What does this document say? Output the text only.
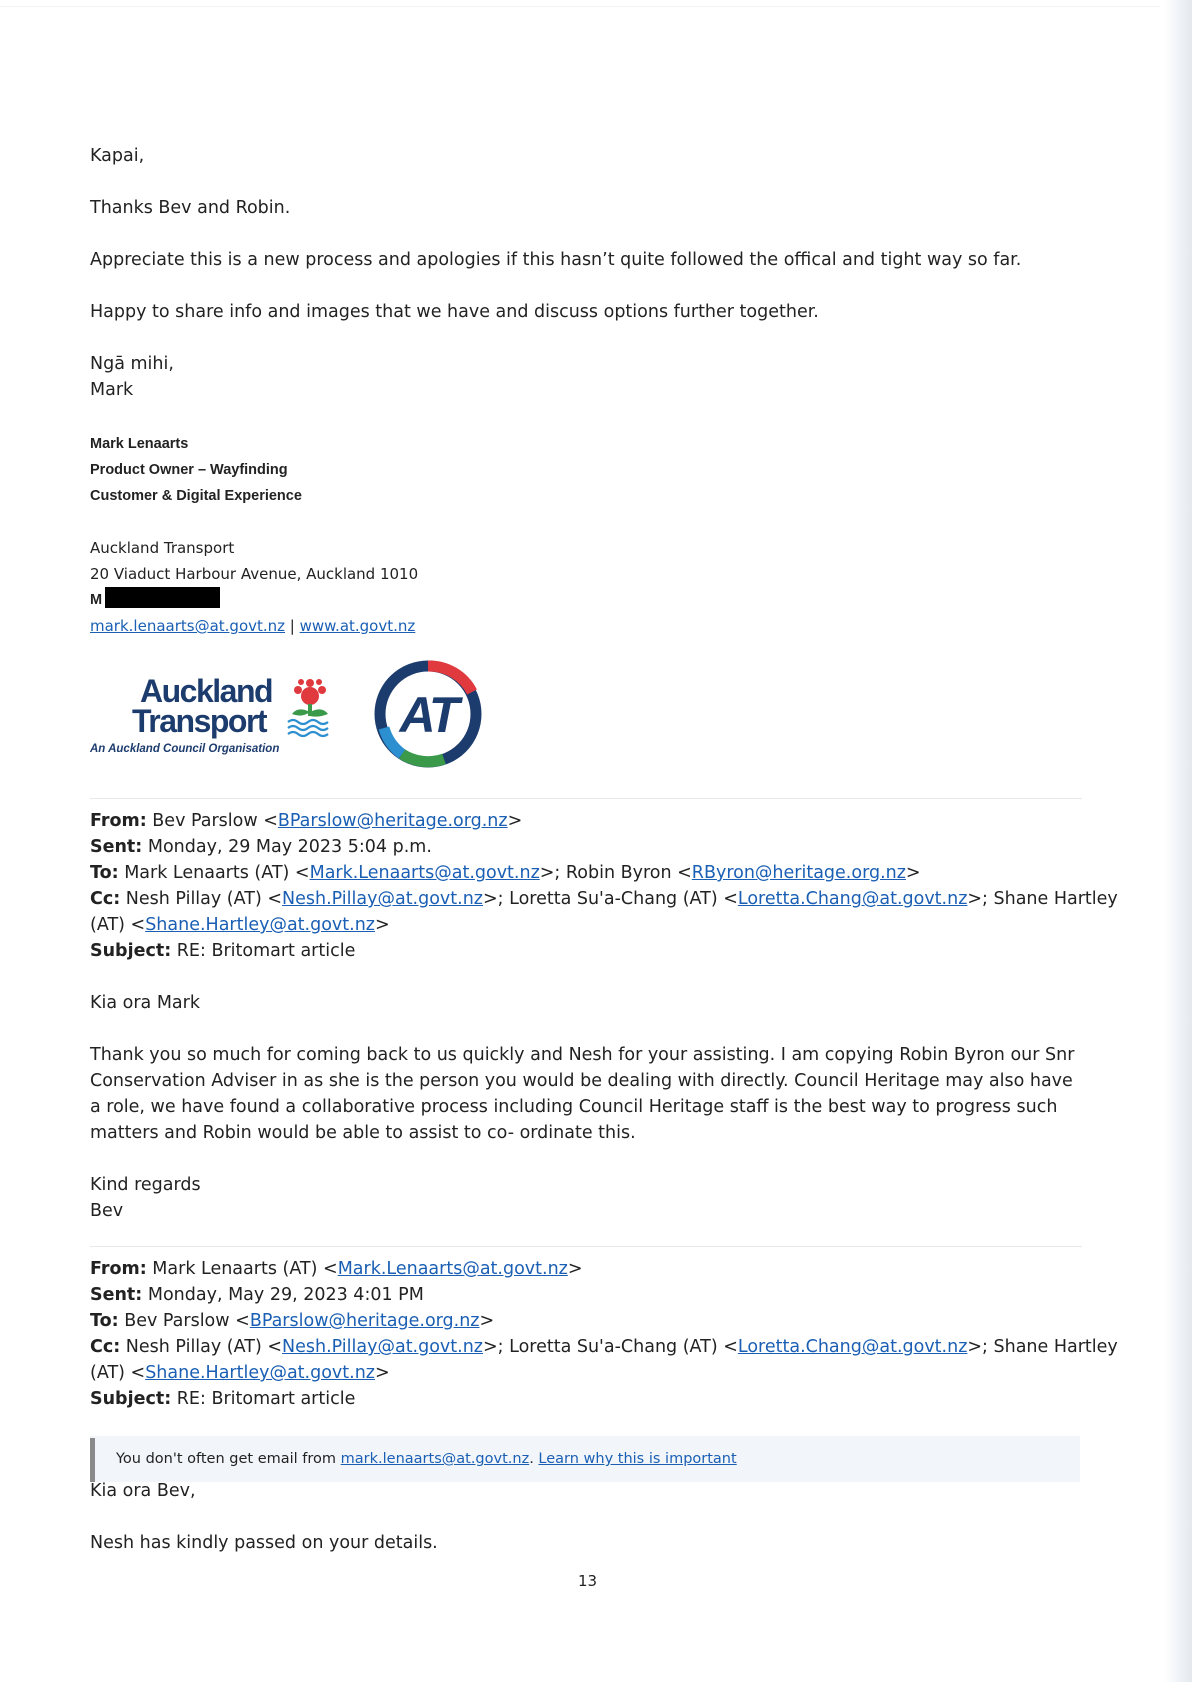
Kapai,
Thanks Bev and Robin.
Appreciate this is a new process and apologies if this hasn’t quite followed the offical and tight way so far.
Happy to share info and images that we have and discuss options further together.
Ngā mihi,
Mark
Mark Lenaarts
Product Owner – Wayfinding
Customer & Digital Experience
Auckland Transport
20 Viaduct Harbour Avenue, Auckland 1010
M
mark.lenaarts@at.govt.nz | www.at.govt.nz
From: Bev Parslow <BParslow@heritage.org.nz>
Sent: Monday, 29 May 2023 5:04 p.m.
To: Mark Lenaarts (AT) <Mark.Lenaarts@at.govt.nz>; Robin Byron <RByron@heritage.org.nz>
Cc: Nesh Pillay (AT) <Nesh.Pillay@at.govt.nz>; Loretta Su'a-Chang (AT) <Loretta.Chang@at.govt.nz>; Shane Hartley
(AT) <Shane.Hartley@at.govt.nz>
Subject: RE: Britomart article
Kia ora Mark
Thank you so much for coming back to us quickly and Nesh for your assisting. I am copying Robin Byron our Snr Conservation Adviser in as she is the person you would be dealing with directly. Council Heritage may also have a role, we have found a collaborative process including Council Heritage staff is the best way to progress such matters and Robin would be able to assist to co- ordinate this.
Kind regards
Bev
From: Mark Lenaarts (AT) <Mark.Lenaarts@at.govt.nz>
Sent: Monday, May 29, 2023 4:01 PM
To: Bev Parslow <BParslow@heritage.org.nz>
Cc: Nesh Pillay (AT) <Nesh.Pillay@at.govt.nz>; Loretta Su'a-Chang (AT) <Loretta.Chang@at.govt.nz>; Shane Hartley
(AT) <Shane.Hartley@at.govt.nz>
Subject: RE: Britomart article
You don't often get email from mark.lenaarts@at.govt.nz. Learn why this is important
Kia ora Bev,
Nesh has kindly passed on your details.
Auckland
Transport
An Auckland Council Organisation
AT
13
